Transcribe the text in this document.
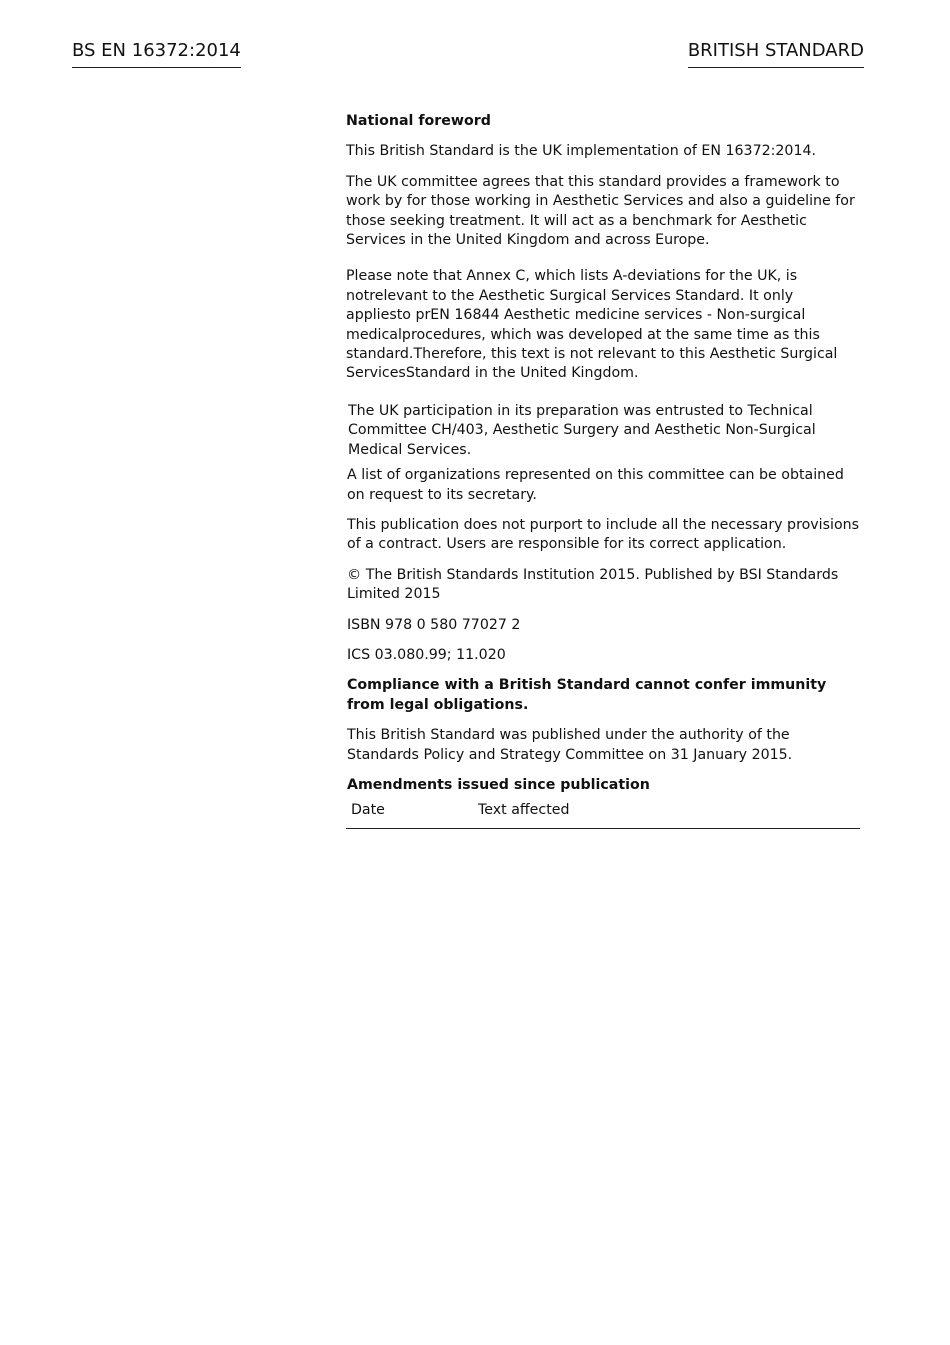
BS EN 16372:2014	BRITISH STANDARD

National foreword

This British Standard is the UK implementation of EN 16372:2014.

The UK committee agrees that this standard provides a framework to work by for those working in Aesthetic Services and also a guideline for those seeking treatment. It will act as a benchmark for Aesthetic Services in the United Kingdom and across Europe.

Please note that Annex C, which lists A-deviations for the UK, is notrelevant to the Aesthetic Surgical Services Standard. It only appliesto prEN 16844 Aesthetic medicine services - Non-surgical medicalprocedures, which was developed at the same time as this standard.Therefore, this text is not relevant to this Aesthetic Surgical ServicesStandard in the United Kingdom.

The UK participation in its preparation was entrusted to Technical Committee CH/403, Aesthetic Surgery and Aesthetic Non-Surgical Medical Services.

A list of organizations represented on this committee can be obtained on request to its secretary.

This publication does not purport to include all the necessary provisions of a contract. Users are responsible for its correct application.

© The British Standards Institution 2015. Published by BSI Standards Limited 2015

ISBN 978 0 580 77027 2

ICS 03.080.99; 11.020

Compliance with a British Standard cannot confer immunity from legal obligations.

This British Standard was published under the authority of the Standards Policy and Strategy Committee on 31 January 2015.

Amendments issued since publication

Date	Text affected
